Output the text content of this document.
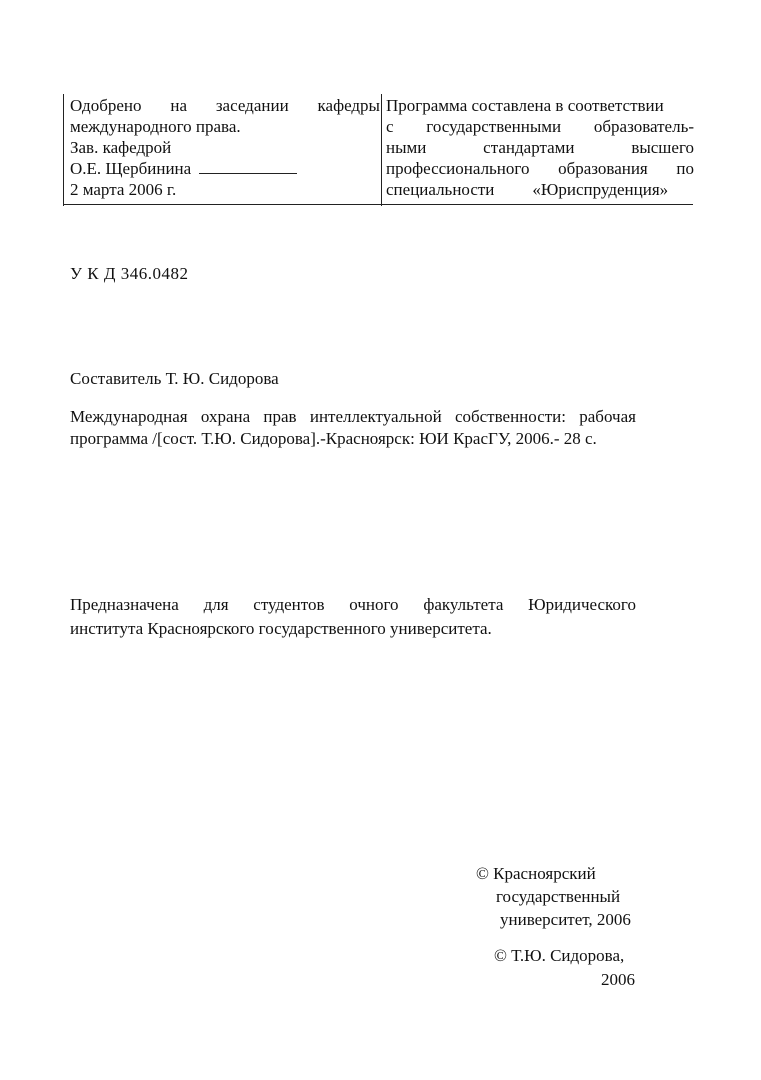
Одобрено на заседании кафедры
международного права.
Зав. кафедрой
О.Е. Щербинина
2 марта 2006 г.
Программа составлена в соответствии
с государственными образователь-
ными	стандартами	высшего
профессионального образования по
специальности «Юриспруденция»
У К Д 346.0482
Составитель Т. Ю. Сидорова
Международная охрана прав интеллектуальной собственности: рабочая
программа /[сост. Т.Ю. Сидорова].-Красноярск: ЮИ КрасГУ, 2006.- 28 с.
Предназначена для студентов очного факультета Юридического
института Красноярского государственного университета.
© Красноярский
государственный
университет, 2006
© Т.Ю. Сидорова,
2006
